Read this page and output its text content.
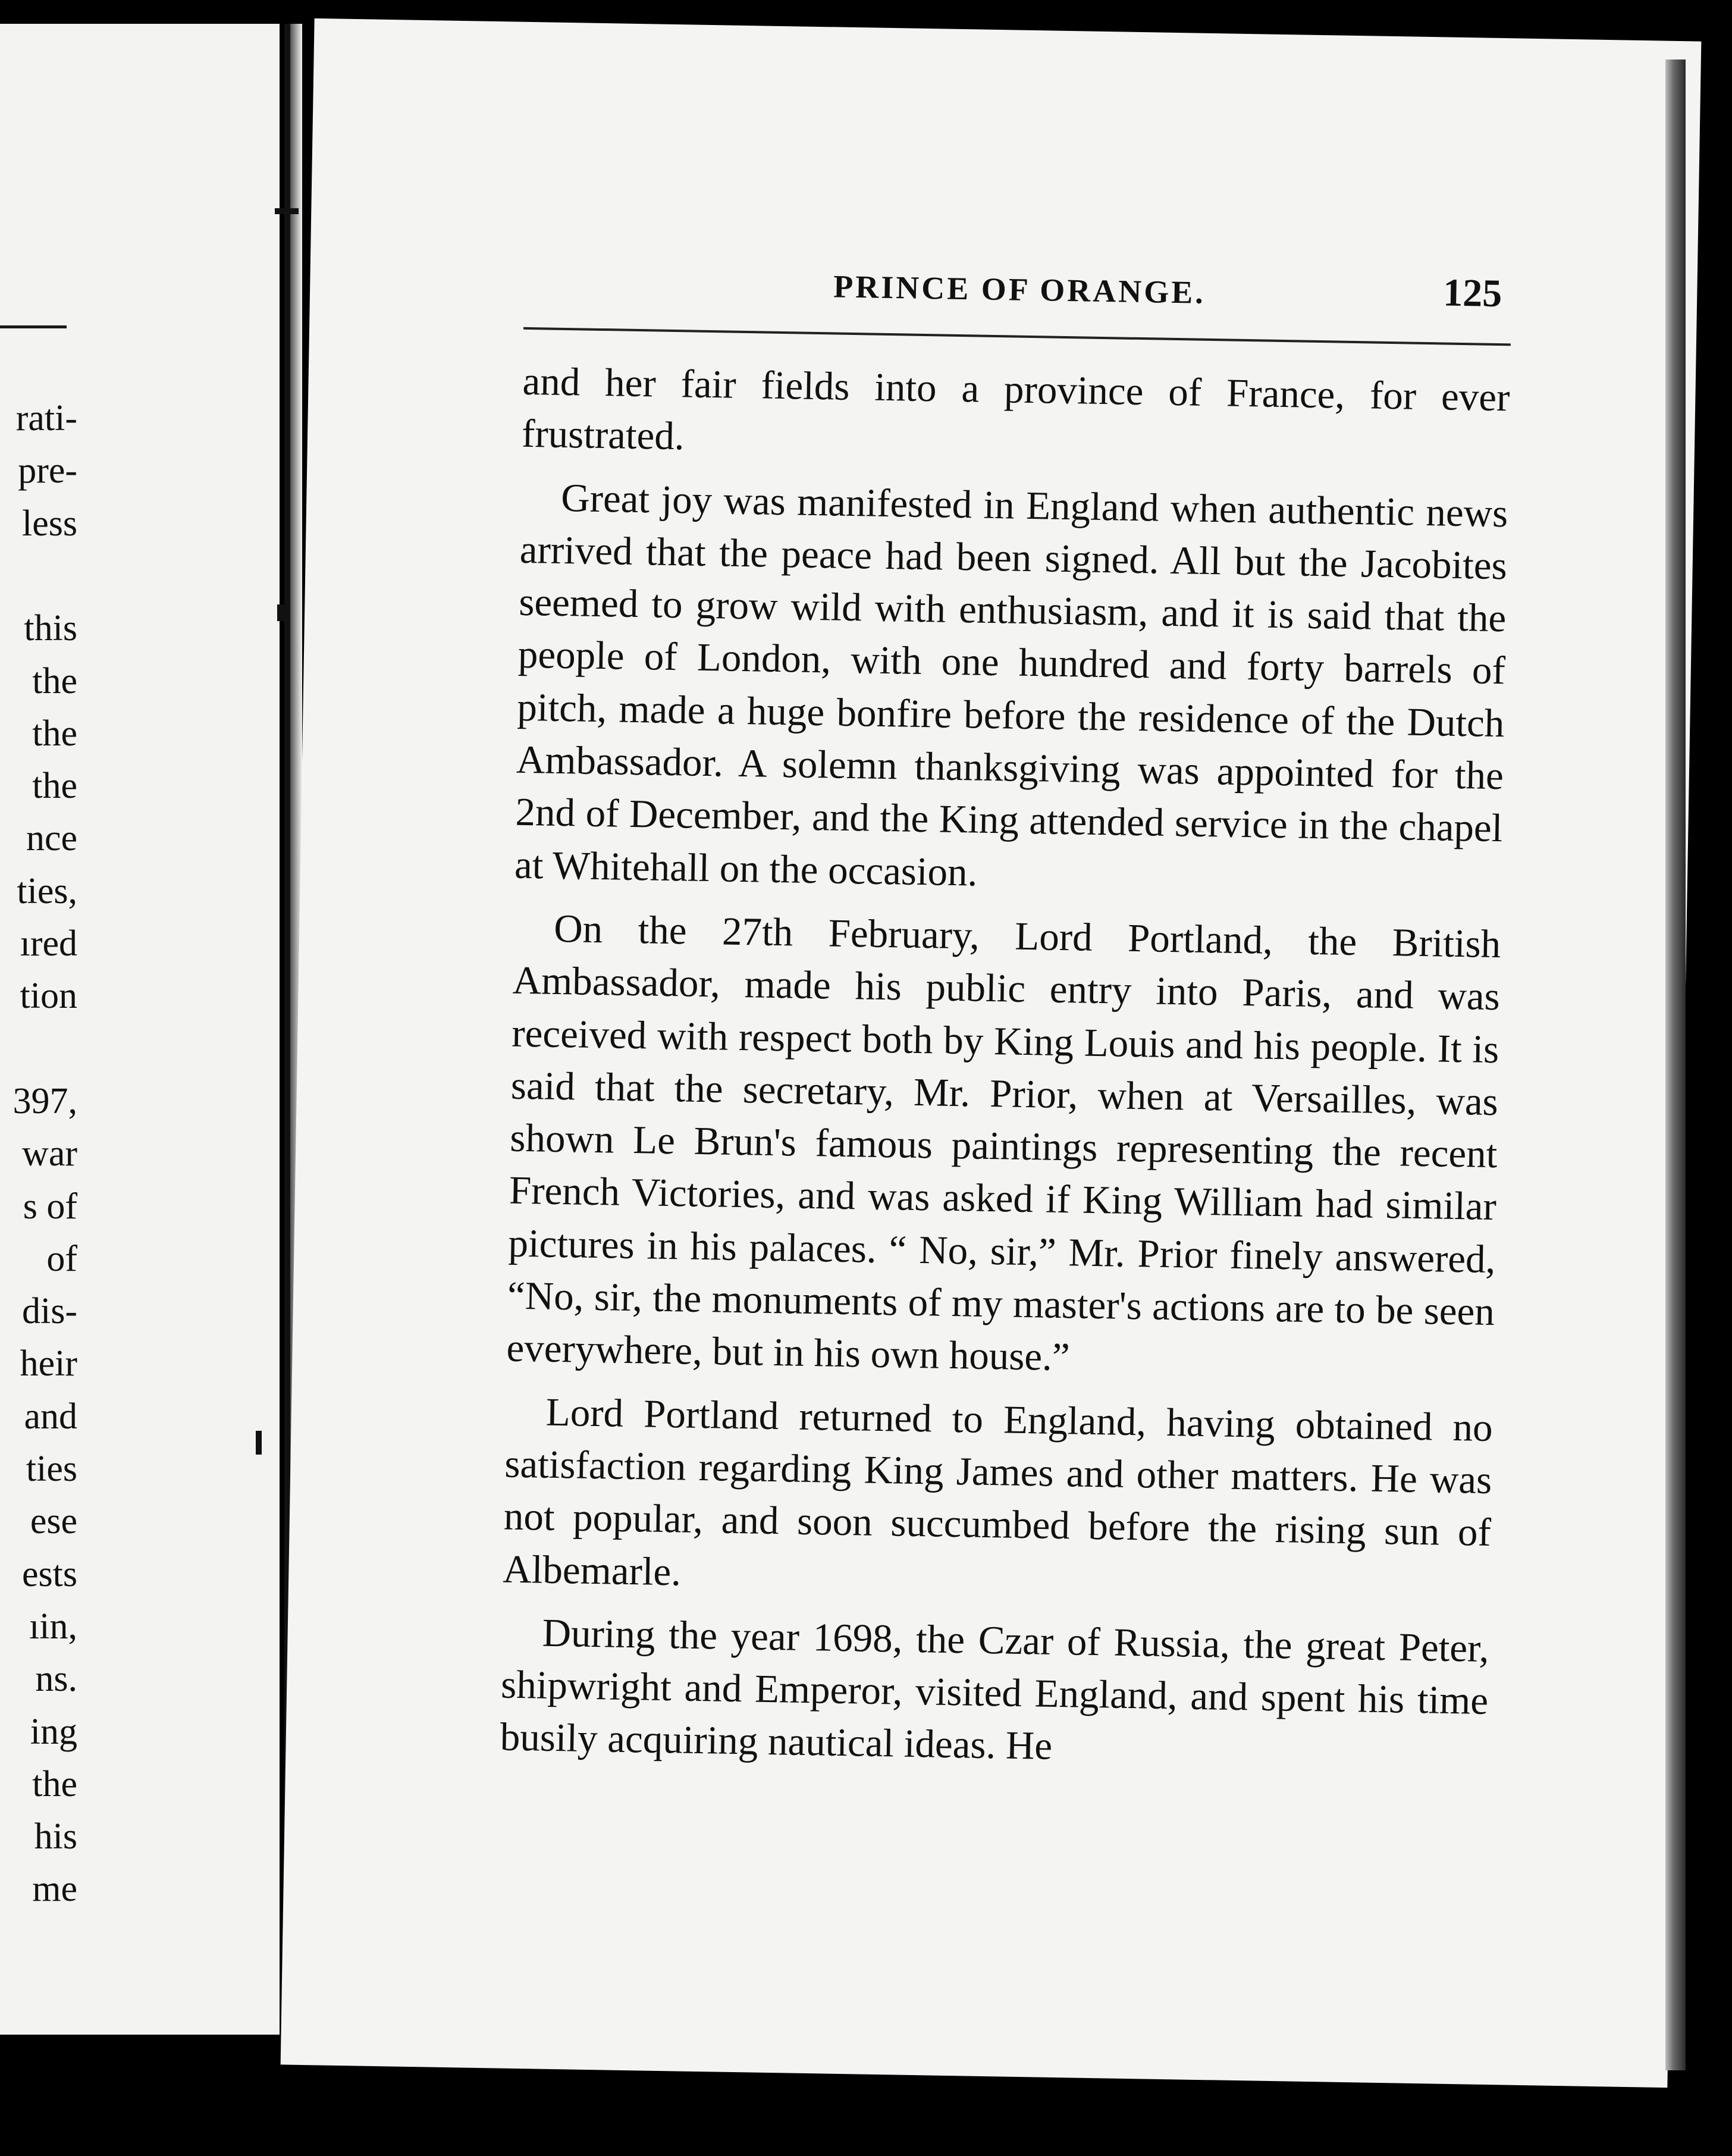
rati-
pre-
less
this
the
the
the
nce
ties,
ıred
tion
397,
war
s of
of
dis-
heir
and
ties
ese
ests
ıin,
ns.
ing
the
his
me
PRINCE OF ORANGE.	125

and her fair fields into a province of France, for ever frustrated.

Great joy was manifested in England when authentic news arrived that the peace had been signed. All but the Jacobites seemed to grow wild with enthusiasm, and it is said that the people of London, with one hundred and forty barrels of pitch, made a huge bonfire before the residence of the Dutch Ambassador. A solemn thanksgiving was appointed for the 2nd of December, and the King attended service in the chapel at Whitehall on the occasion.

On the 27th February, Lord Portland, the British Ambassador, made his public entry into Paris, and was received with respect both by King Louis and his people. It is said that the secretary, Mr. Prior, when at Versailles, was shown Le Brun's famous paintings representing the recent French Victories, and was asked if King William had similar pictures in his palaces. “ No, sir,” Mr. Prior finely answered, “No, sir, the monuments of my master's actions are to be seen everywhere, but in his own house.”

Lord Portland returned to England, having obtained no satisfaction regarding King James and other matters. He was not popular, and soon succumbed before the rising sun of Albemarle.

During the year 1698, the Czar of Russia, the great Peter, shipwright and Emperor, visited England, and spent his time busily acquiring nautical ideas. He
